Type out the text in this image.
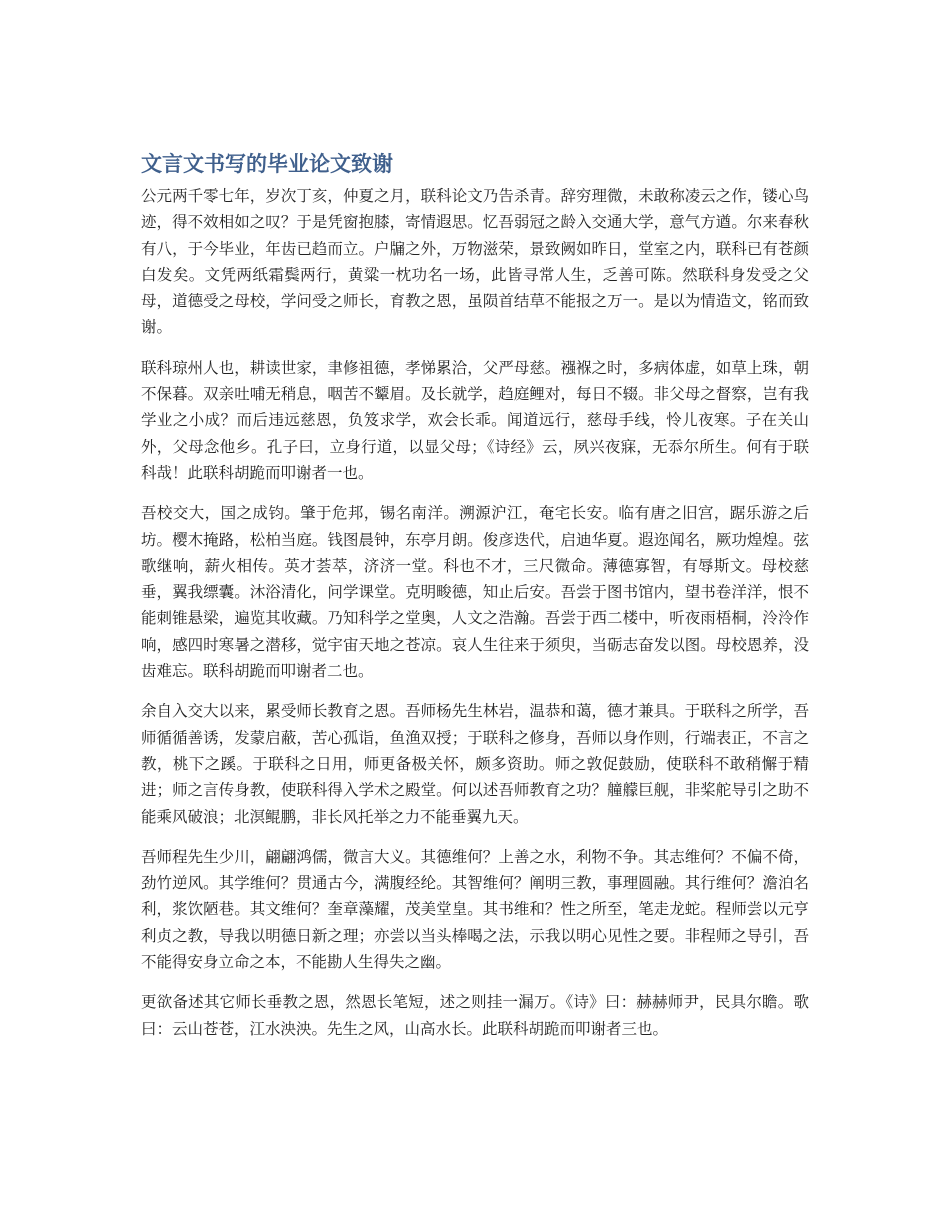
文言文书写的毕业论文致谢

公元两千零七年，岁次丁亥，仲夏之月，联科论文乃告杀青。辞穷理微，未敢称凌云之作，镂心鸟迹，得不效相如之叹？于是凭窗抱膝，寄情遐思。忆吾弱冠之龄入交通大学，意气方遒。尔来春秋有八，于今毕业，年齿已趋而立。户牖之外，万物滋荣，景致阙如昨日，堂室之内，联科已有苍颜白发矣。文凭两纸霜鬓两行，黄粱一枕功名一场，此皆寻常人生，乏善可陈。然联科身发受之父母，道德受之母校，学问受之师长，育教之恩，虽陨首结草不能报之万一。是以为情造文，铭而致谢。

联科琼州人也，耕读世家，聿修祖德，孝悌累洽，父严母慈。襁褓之时，多病体虚，如草上珠，朝不保暮。双亲吐哺无稍息，咽苦不颦眉。及长就学，趋庭鲤对，每日不辍。非父母之督察，岂有我学业之小成？而后违远慈恩，负笈求学，欢会长乖。闻道远行，慈母手线，怜儿夜寒。子在关山外，父母念他乡。孔子曰，立身行道，以显父母；《诗经》云，夙兴夜寐，无忝尔所生。何有于联科哉！此联科胡跪而叩谢者一也。

吾校交大，国之成钧。肇于危邦，锡名南洋。溯源沪江，奄宅长安。临有唐之旧宫，踞乐游之后坊。樱木掩路，松柏当庭。钱图晨钟，东亭月朗。俊彦迭代，启迪华夏。遐迩闻名，厥功煌煌。弦歌继响，薪火相传。英才荟萃，济济一堂。科也不才，三尺微命。薄德寡智，有辱斯文。母校慈垂，翼我缥囊。沐浴清化，问学课堂。克明畯德，知止后安。吾尝于图书馆内，望书卷洋洋，恨不能刺锥悬梁，遍览其收藏。乃知科学之堂奥，人文之浩瀚。吾尝于西二楼中，听夜雨梧桐，泠泠作响，感四时寒暑之潜移，觉宇宙天地之苍凉。哀人生往来于须臾，当砺志奋发以图。母校恩养，没齿难忘。联科胡跪而叩谢者二也。

余自入交大以来，累受师长教育之恩。吾师杨先生林岩，温恭和蔼，德才兼具。于联科之所学，吾师循循善诱，发蒙启蔽，苦心孤诣，鱼渔双授；于联科之修身，吾师以身作则，行端表正，不言之教，桃下之蹊。于联科之日用，师更备极关怀，颇多资助。师之敦促鼓励，使联科不敢稍懈于精进；师之言传身教，使联科得入学术之殿堂。何以述吾师教育之功？艟艨巨舰，非桨舵导引之助不能乘风破浪；北溟鲲鹏，非长风托举之力不能垂翼九天。

吾师程先生少川，翩翩鸿儒，微言大义。其德维何？上善之水，利物不争。其志维何？不偏不倚，劲竹逆风。其学维何？贯通古今，满腹经纶。其智维何？阐明三教，事理圆融。其行维何？澹泊名利，浆饮陋巷。其文维何？奎章藻耀，茂美堂皇。其书维和？性之所至，笔走龙蛇。程师尝以元亨利贞之教，导我以明德日新之理；亦尝以当头棒喝之法，示我以明心见性之要。非程师之导引，吾不能得安身立命之本，不能勘人生得失之幽。

更欲备述其它师长垂教之恩，然恩长笔短，述之则挂一漏万。《诗》曰：赫赫师尹，民具尔瞻。歌曰：云山苍苍，江水泱泱。先生之风，山高水长。此联科胡跪而叩谢者三也。
